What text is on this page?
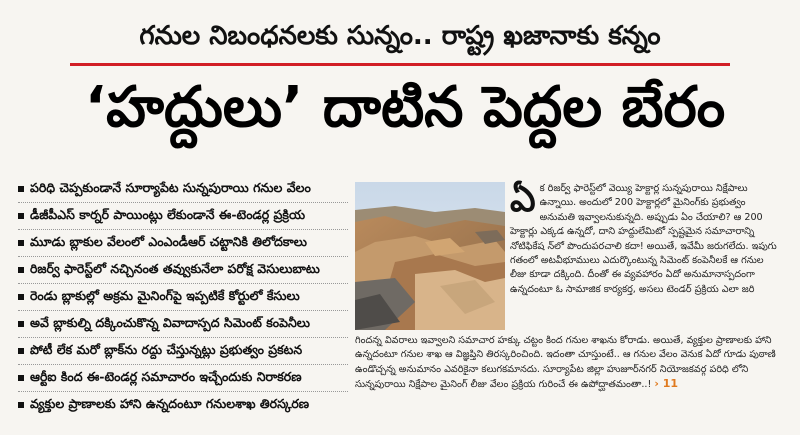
గనుల నిబంధనలకు సున్నం.. రాష్ట్ర ఖజానాకు కన్నం
‘హద్దులు’ దాటిన పెద్దల బేరం
పరిధి చెప్పకుండానే సూర్యాపేట సున్నపురాయి గనుల వేలం
డీజీపీఎస్ కార్నర్ పాయింట్లు లేకుండానే ఈ-టెండర్ల ప్రక్రియ
మూడు బ్లాకుల వేలంలో ఎంఎండీఆర్ చట్టానికి తిలోదకాలు
రిజర్వ్ ఫారెస్ట్‌లో నచ్చినంత తవ్వుకునేలా పరోక్ష వెసులుబాటు
రెండు బ్లాకుల్లో అక్రమ మైనింగ్‌పై ఇప్పటికే కోర్టులో కేసులు
అవే బ్లాకుల్ని దక్కించుకొన్న వివాదాస్పద సిమెంట్ కంపెనీలు
పోటీ లేక మరో బ్లాక్‌ను రద్దు చేస్తున్నట్లు ప్రభుత్వం ప్రకటన
ఆర్టీఐ కింద ఈ-టెండర్ల సమాచారం ఇచ్చేందుకు నిరాకరణ
వ్యక్తుల ప్రాణాలకు హాని ఉన్నదంటూ గనులశాఖ తిరస్కరణ
ఏ క రిజర్వ్ ఫారెస్ట్‌లో వెయ్యి హెక్టార్ల సున్నపురాయి నిక్షేపాలు ఉన్నాయి. అందులో 200 హెక్టార్లలో మైనింగ్‌కు ప్రభుత్వం అనుమతి ఇవ్వాలనుకున్నది. అప్పుడు ఏం చేయాలి? ఆ 200 హెక్టార్లు ఎక్కడ ఉన్నదో, దాని హద్దులేమిటో స్పష్టమైన సమాచారాన్ని నోటిఫికేష న్‌లో పొందుపరచాలి కదా! అయితే, ఇవేమీ జరుగలేదు. ఇపుగు గతంలో అటవీభూములు ఎదుర్కొంటున్న సిమెంట్ కంపెనీలకే ఆ గనుల లీజు కూడా దక్కింది. దీంతో ఈ వ్యవహారం ఏదో అనుమానాస్పదంగా ఉన్నదంటూ ఓ సామాజిక కార్యకర్త, అసలు టెండర్ ప్రక్రియ ఎలా జరి
గిందన్న వివరాలు ఇవ్వాలని సమాచార హక్కు చట్టం కింద గనుల శాఖను కోరాడు. అయితే, వ్యక్తుల ప్రాణాలకు హాని ఉన్నదంటూ గనుల శాఖ ఆ విజ్ఞప్తిని తిరస్కరించింది. ఇదంతా చూస్తుంటే.. ఆ గనుల వేలం వెనుక ఏదో గూడు పుఠాణి ఉండొచ్చన్న అనుమానం ఎవరికైనా కలుగకమానదు. సూర్యాపేట జిల్లా హుజూర్‌నగర్ నియోజకవర్గ పరిధి లోని సున్నపురాయి నిక్షేపాల మైనింగ్ లీజు వేలం ప్రక్రియ గురించే ఈ ఉపోద్ఘాతమంతా..! › 11
